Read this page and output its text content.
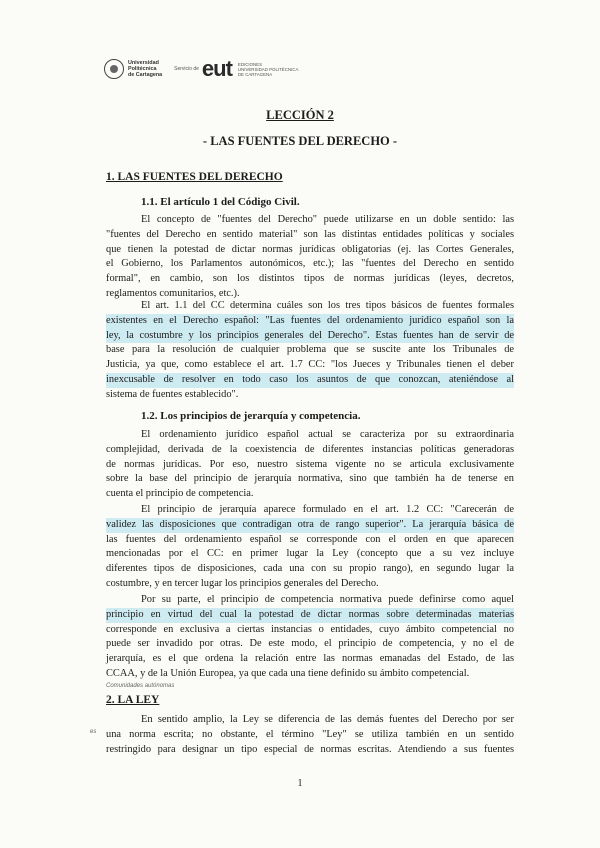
Universidad
Politécnica
de Cartagena
Servicio de eut EDICIONES
UNIVERSIDAD POLITÉCNICA
DE CARTAGENA
LECCIÓN 2
- LAS FUENTES DEL DERECHO -
1. LAS FUENTES DEL DERECHO
1.1. El artículo 1 del Código Civil.
El concepto de "fuentes del Derecho" puede utilizarse en un doble sentido: las
"fuentes del Derecho en sentido material" son las distintas entidades políticas y sociales
que tienen la potestad de dictar normas jurídicas obligatorias (ej. las Cortes Generales,
el Gobierno, los Parlamentos autonómicos, etc.); las "fuentes del Derecho en sentido
formal", en cambio, son los distintos tipos de normas jurídicas (leyes, decretos,
reglamentos comunitarios, etc.).
El art. 1.1 del CC determina cuáles son los tres tipos básicos de fuentes formales
existentes en el Derecho español: "Las fuentes del ordenamiento jurídico español son la
ley, la costumbre y los principios generales del Derecho". Estas fuentes han de servir de
base para la resolución de cualquier problema que se suscite ante los Tribunales de
Justicia, ya que, como establece el art. 1.7 CC: "los Jueces y Tribunales tienen el deber
inexcusable de resolver en todo caso los asuntos de que conozcan, ateniéndose al
sistema de fuentes establecido".
1.2. Los principios de jerarquía y competencia.
El ordenamiento jurídico español actual se caracteriza por su extraordinaria
complejidad, derivada de la coexistencia de diferentes instancias políticas generadoras
de normas jurídicas. Por eso, nuestro sistema vigente no se articula exclusivamente
sobre la base del principio de jerarquía normativa, sino que también ha de tenerse en
cuenta el principio de competencia.
El principio de jerarquía aparece formulado en el art. 1.2 CC: "Carecerán de
validez las disposiciones que contradigan otra de rango superior". La jerarquía básica de
las fuentes del ordenamiento español se corresponde con el orden en que aparecen
mencionadas por el CC: en primer lugar la Ley (concepto que a su vez incluye
diferentes tipos de disposiciones, cada una con su propio rango), en segundo lugar la
costumbre, y en tercer lugar los principios generales del Derecho.
Por su parte, el principio de competencia normativa puede definirse como aquel
principio en virtud del cual la potestad de dictar normas sobre determinadas materias
corresponde en exclusiva a ciertas instancias o entidades, cuyo ámbito competencial no
puede ser invadido por otras. De este modo, el principio de competencia, y no el de
jerarquía, es el que ordena la relación entre las normas emanadas del Estado, de las
CCAA, y de la Unión Europea, ya que cada una tiene definido su ámbito competencial.
Comunidades autónomas
2. LA LEY
En sentido amplio, la Ley se diferencia de las demás fuentes del Derecho por ser
una norma escrita; no obstante, el término "Ley" se utiliza también en un sentido
restringido para designar un tipo especial de normas escritas. Atendiendo a sus fuentes
es
1
